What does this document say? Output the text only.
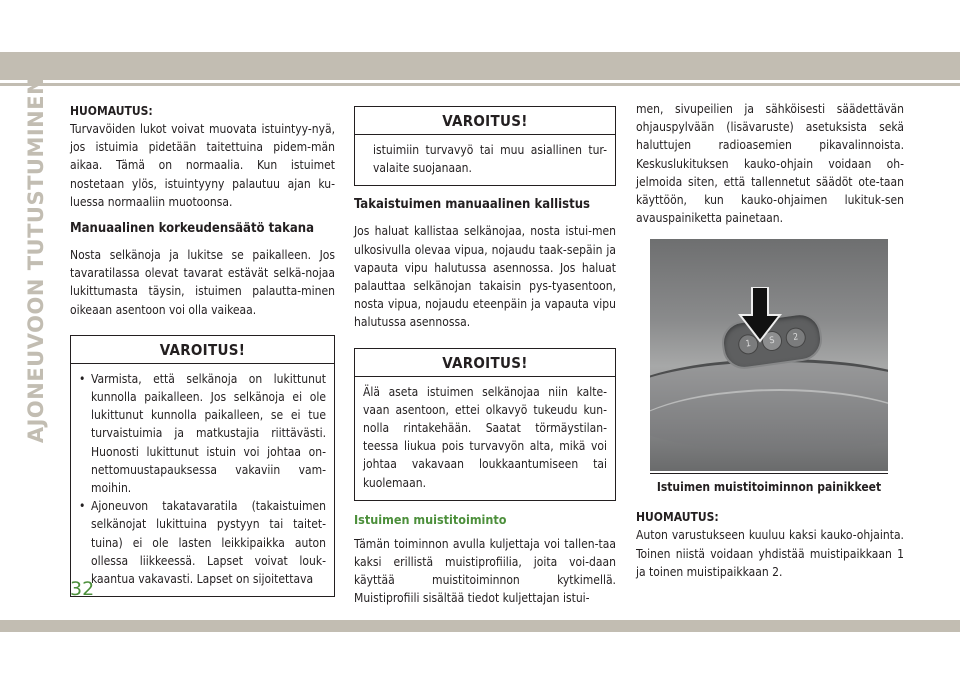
AJONEUVOON TUTUSTUMINEN
32

HUOMAUTUS:

Turvavöiden lukot voivat muovata istuintyy-nyä, jos istuimia pidetään taitettuina pidem-män aikaa. Tämä on normaalia. Kun istuimet nostetaan ylös, istuintyyny palautuu ajan ku-luessa normaaliin muotoonsa.

Manuaalinen korkeudensäätö takana

Nosta selkänoja ja lukitse se paikalleen. Jos tavaratilassa olevat tavarat estävät selkä-nojaa lukittumasta täysin, istuimen palautta-minen oikeaan asentoon voi olla vaikeaa.

VAROITUS!
• Varmista, että selkänoja on lukittunut kunnolla paikalleen. Jos selkänoja ei ole lukittunut kunnolla paikalleen, se ei tue turvaistuimia ja matkustajia riittävästi. Huonosti lukittunut istuin voi johtaa on-nettomuustapauksessa vakaviin vam-moihin.
• Ajoneuvon takatavaratila (takaistuimen selkänojat lukittuina pystyyn tai taitet-tuina) ei ole lasten leikkipaikka auton ollessa liikkeessä. Lapset voivat louk-kaantua vakavasti. Lapset on sijoitettava
VAROITUS!
istuimiin turvavyö tai muu asiallinen tur-valaite suojanaan.

Takaistuimen manuaalinen kallistus

Jos haluat kallistaa selkänojaa, nosta istui-men ulkosivulla olevaa vipua, nojaudu taak-sepäin ja vapauta vipu halutussa asennossa. Jos haluat palauttaa selkänojan takaisin pys-tyasentoon, nosta vipua, nojaudu eteenpäin ja vapauta vipu halutussa asennossa.

VAROITUS!
Älä aseta istuimen selkänojaa niin kalte-vaan asentoon, ettei olkavyö tukeudu kun-nolla rintakehään. Saatat törmäystilan-teessa liukua pois turvavyön alta, mikä voi johtaa vakavaan loukkaantumiseen tai kuolemaan.

Istuimen muistitoiminto

Tämän toiminnon avulla kuljettaja voi tallen-taa kaksi erillistä muistiprofiilia, joita voi-daan käyttää muistitoiminnon kytkimellä. Muistiprofiili sisältää tiedot kuljettajan istui-

men, sivupeilien ja sähköisesti säädettävän ohjauspylvään (lisävaruste) asetuksista sekä haluttujen radioasemien pikavalinnoista. Keskuslukituksen kauko-ohjain voidaan oh-jelmoida siten, että tallennetut säädöt ote-taan käyttöön, kun kauko-ohjaimen lukituk-sen avauspainiketta painetaan.

1	S	2
Istuimen muistitoiminnon painikkeet

HUOMAUTUS:

Auton varustukseen kuuluu kaksi kauko-ohjainta. Toinen niistä voidaan yhdistää muistipaikkaan 1 ja toinen muistipaikkaan 2.
